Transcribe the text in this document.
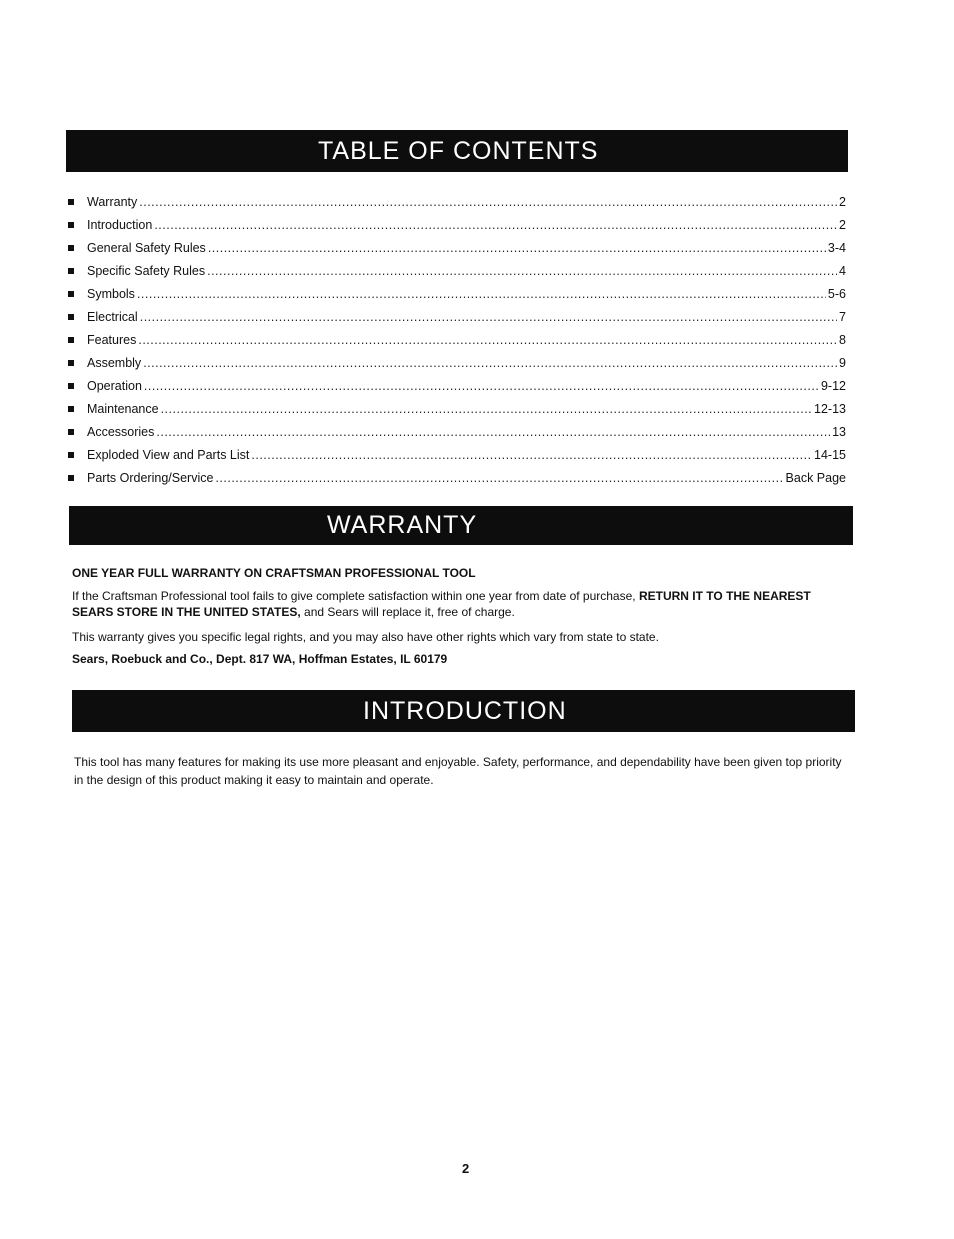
TABLE OF CONTENTS
Warranty .....	2
Introduction .....	2
General Safety Rules .....	3-4
Specific Safety Rules .....	4
Symbols .....	5-6
Electrical .....	7
Features .....	8
Assembly .....	9
Operation .....	9-12
Maintenance .....	12-13
Accessories .....	13
Exploded View and Parts List .....	14-15
Parts Ordering/Service .....	Back Page
WARRANTY

ONE YEAR FULL WARRANTY ON CRAFTSMAN PROFESSIONAL TOOL

If the Craftsman Professional tool fails to give complete satisfaction within one year from date of purchase, RETURN IT TO THE NEAREST SEARS STORE IN THE UNITED STATES, and Sears will replace it, free of charge.

This warranty gives you specific legal rights, and you may also have other rights which vary from state to state.

Sears, Roebuck and Co., Dept. 817 WA, Hoffman Estates, IL 60179

INTRODUCTION

This tool has many features for making its use more pleasant and enjoyable. Safety, performance, and dependability have been given top priority in the design of this product making it easy to maintain and operate.

2
